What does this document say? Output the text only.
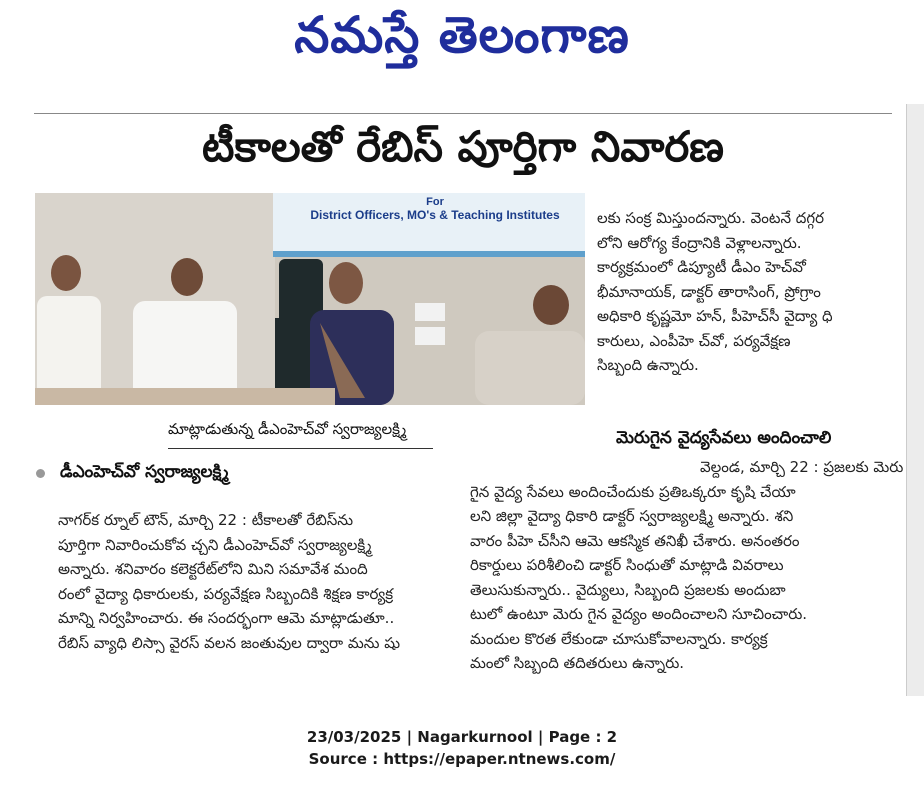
నమస్తే తెలంగాణ
టీకాలతో రేబిస్ పూర్తిగా నివారణ
For
District Officers, MO's & Teaching Institutes
మాట్లాడుతున్న డీఎంహెచ్‌వో స్వరాజ్యలక్ష్మి
డీఎంహెచ్‌వో స్వరాజ్యలక్ష్మి
నాగర్‌క ర్నూల్ టౌన్, మార్చి 22 : టీకాలతో రేబిస్‌ను
పూర్తిగా నివారించుకోవ చ్చని డీఎంహెచ్‌వో స్వరాజ్యలక్ష్మి
అన్నారు. శనివారం కలెక్టరేట్‌లోని మిని సమావేశ మంది
రంలో వైద్యా ధికారులకు, పర్యవేక్షణ సిబ్బందికి శిక్షణ కార్యక్ర
మాన్ని నిర్వహించారు. ఈ సందర్భంగా ఆమె మాట్లాడుతూ..
రేబిస్ వ్యాధి లిస్సా వైరస్ వలన జంతువుల ద్వారా మను షు
లకు సంక్ర మిస్తుందన్నారు. వెంటనే దగ్గర
లోని ఆరోగ్య కేంద్రానికి వెళ్లాలన్నారు.
కార్యక్రమంలో డిప్యూటీ డీఎం హెచ్‌వో
భీమానాయక్, డాక్టర్ తారాసింగ్, ప్రోగ్రాం
అధికారి కృష్ణమో హన్, పీహెచ్‌సీ వైద్యా ధి
కారులు, ఎంపీహె చ్‌వో, పర్యవేక్షణ
సిబ్బంది ఉన్నారు.
మెరుగైన వైద్యసేవలు అందించాలి
వెల్దండ, మార్చి 22 : ప్రజలకు మెరు
గైన వైద్య సేవలు అందించేందుకు ప్రతిఒక్కరూ కృషి చేయా
లని జిల్లా వైద్యా ధికారి డాక్టర్ స్వరాజ్యలక్ష్మి అన్నారు. శని
వారం పీహె చ్‌సీని ఆమె ఆకస్మిక తనిఖీ చేశారు. అనంతరం
రికార్డులు పరిశీలించి డాక్టర్ సింధుతో మాట్లాడి వివరాలు
తెలుసుకున్నారు.. వైద్యులు, సిబ్బంది ప్రజలకు అందుబా
టులో ఉంటూ మెరు గైన వైద్యం అందించాలని సూచించారు.
మందుల కొరత లేకుండా చూసుకోవాలన్నారు. కార్యక్ర
మంలో సిబ్బంది తదితరులు ఉన్నారు.
23/03/2025 | Nagarkurnool | Page : 2
Source : https://epaper.ntnews.com/
